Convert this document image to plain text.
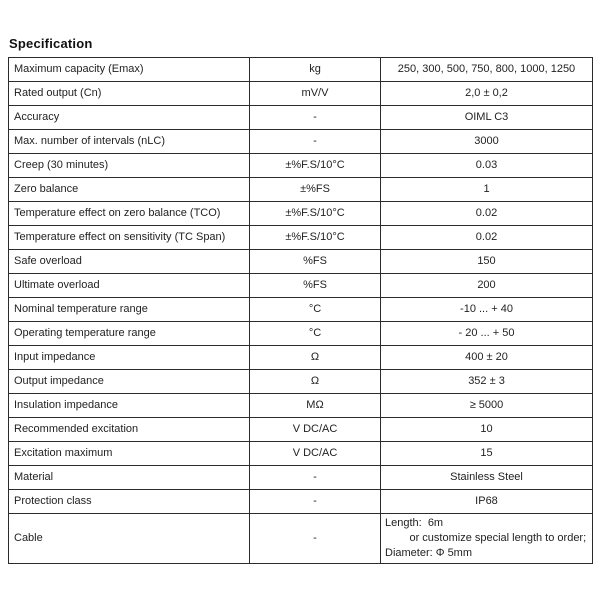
Specification
Maximum capacity (Emax)	kg	250, 300, 500, 750, 800, 1000, 1250
Rated output (Cn)	mV/V	2,0 ± 0,2
Accuracy	-	OIML C3
Max. number of intervals (nLC)	-	3000
Creep (30 minutes)	±%F.S/10°C	0.03
Zero balance	±%FS	1
Temperature effect on zero balance (TCO)	±%F.S/10°C	0.02
Temperature effect on sensitivity (TC Span)	±%F.S/10°C	0.02
Safe overload	%FS	150
Ultimate overload	%FS	200
Nominal temperature range	°C	-10 ... + 40
Operating temperature range	°C	- 20 ... + 50
Input impedance	Ω	400 ± 20
Output impedance	Ω	352 ± 3
Insulation impedance	MΩ	≥ 5000
Recommended excitation	V DC/AC	10
Excitation maximum	V DC/AC	15
Material	-	Stainless Steel
Protection class	-	IP68
Cable	-	Length:  6m
or customize special length to order;
Diameter: Φ 5mm
